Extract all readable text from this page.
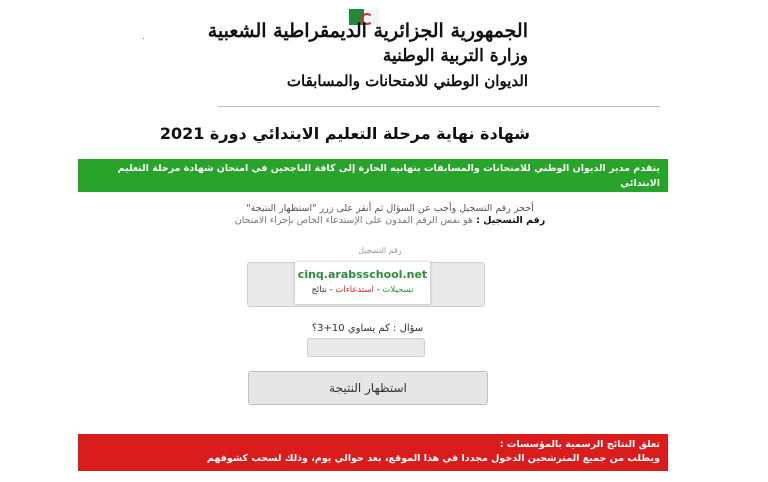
الجمهورية الجزائرية الديمقراطية الشعبية
وزارة التربية الوطنية
الديوان الوطني للامتحانات والمسابقات
شهادة نهاية مرحلة التعليم الابتدائي دورة 2021
يتقدم مدير الديوان الوطني للامتحانات والمسابقات بتهانيه الحارة إلى كافة الناجحين في امتحان شهادة مرحلة التعليم الابتدائي
كما يتمنى النجاح مستقبلا للذين لم يسعفهم الحظ في هذه الدورة
أحجز رقم التسجيل وأجب عن السؤال ثم أنقر على زرر "استظهار النتيجة"
رقم التسجيل : هو نفس الرقم المدون على الإستدعاء الخاص بإجراء الامتحان
رقم التسجيل
cinq.arabsschool.net
تسجيلات - استدعاءات - نتائج
سؤال : كم يساوي 10+3؟
استظهار النتيجة
تعلق النتائج الرسمية بالمؤسسات :
ويطلب من جميع المترشحين الدخول مجددا في هذا الموقع، بعد حوالي يوم، وذلك لسحب كشوفهم
